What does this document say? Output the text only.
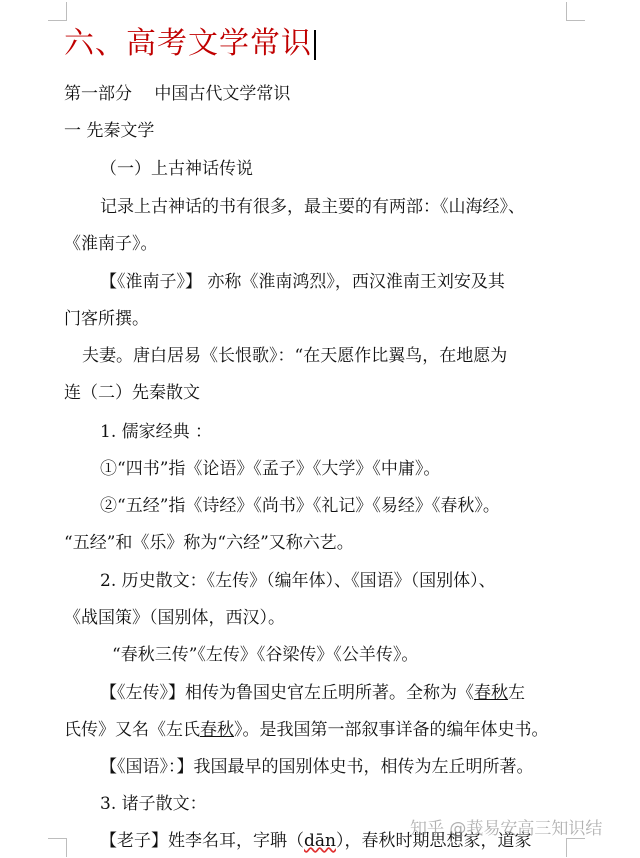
六、高考文学常识
第一部分　 中国古代文学常识
一 先秦文学
（一）上古神话传说
记录上古神话的书有很多，最主要的有两部：《山海经》、
《淮南子》。
【《淮南子》】 亦称《淮南鸿烈》，西汉淮南王刘安及其
门客所撰。
夫妻。唐白居易《长恨歌》：“在天愿作比翼鸟，在地愿为
连（二）先秦散文
1. 儒家经典 ：
①“四书”指《论语》《孟子》《大学》《中庸》。
②“五经”指《诗经》《尚书》《礼记》《易经》《春秋》。
“五经”和《乐》称为“六经”又称六艺。
2. 历史散文：《左传》（编年体）、《国语》（国别体）、
《战国策》（国别体，西汉）。
“春秋三传”《左传》《谷梁传》《公羊传》。
【《左传》】相传为鲁国史官左丘明所著。全称为《春秋左
氏传》又名《左氏春秋》。是我国第一部叙事详备的编年体史书。
【《国语》：】我国最早的国别体史书，相传为左丘明所著。
3. 诸子散文：
【老子】姓李名耳，字聃（dān），春秋时期思想家，道家
知乎 @莪易安高三知识结
